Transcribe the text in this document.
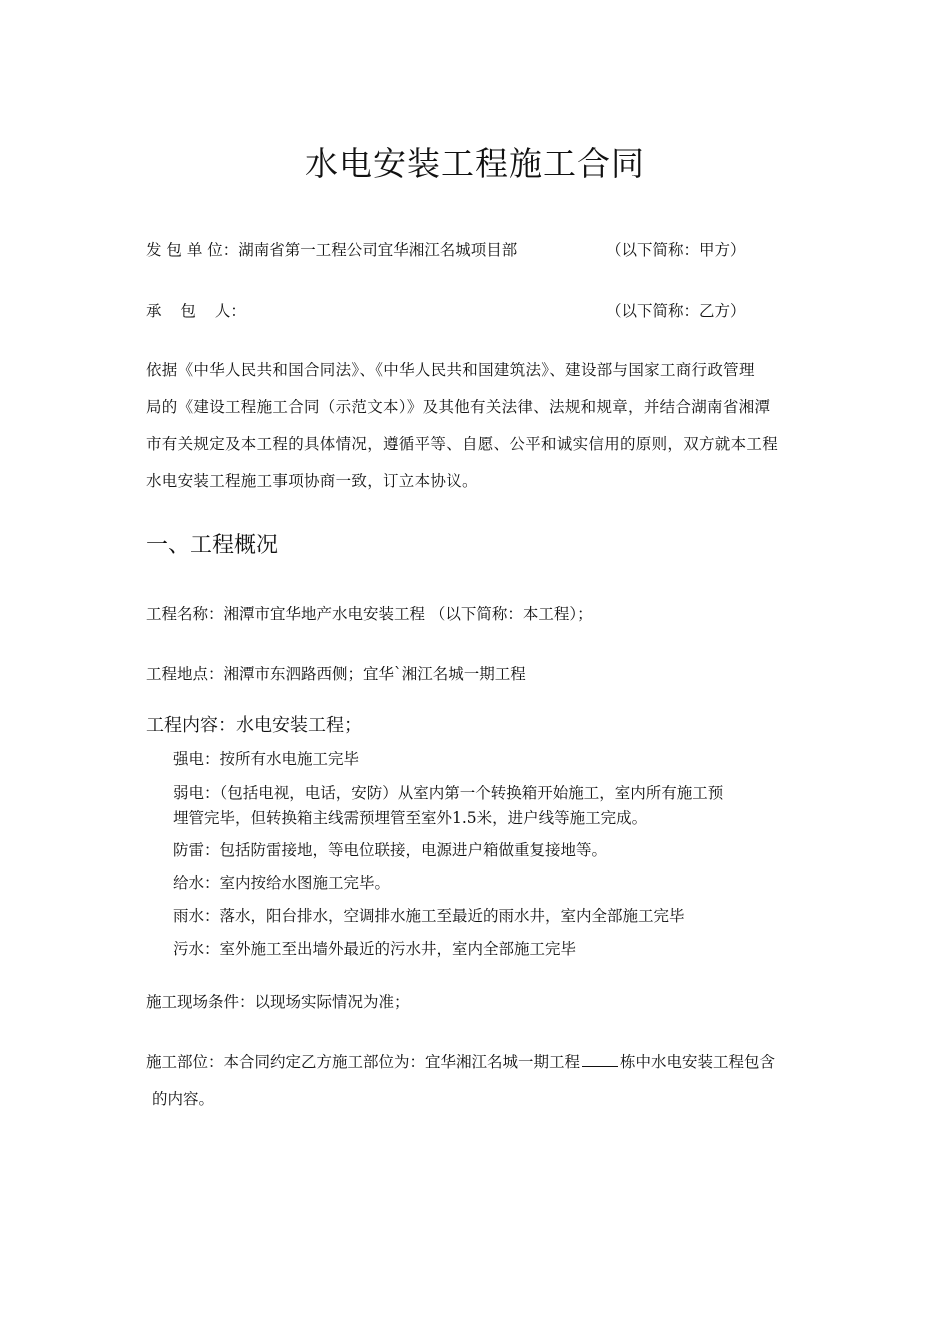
水电安装工程施工合同
发 包 单 位：湖南省第一工程公司宜华湘江名城项目部	（以下简称：甲方）
承 包 人：	（以下简称：乙方）
依据《中华人民共和国合同法》、《中华人民共和国建筑法》、建设部与国家工商行政管理
局的《建设工程施工合同（示范文本）》及其他有关法律、法规和规章，并结合湖南省湘潭
市有关规定及本工程的具体情况，遵循平等、自愿、公平和诚实信用的原则，双方就本工程
水电安装工程施工事项协商一致，订立本协议。
一、工程概况
工程名称：湘潭市宜华地产水电安装工程 （以下简称：本工程）；
工程地点：湘潭市东泗路西侧；宜华`湘江名城一期工程
工程内容：水电安装工程；
强电：按所有水电施工完毕
弱电：（包括电视，电话，安防）从室内第一个转换箱开始施工，室内所有施工预
埋管完毕，但转换箱主线需预埋管至室外1.5米，进户线等施工完成。
防雷：包括防雷接地，等电位联接，电源进户箱做重复接地等。
给水：室内按给水图施工完毕。
雨水：落水，阳台排水，空调排水施工至最近的雨水井，室内全部施工完毕
污水：室外施工至出墙外最近的污水井，室内全部施工完毕
施工现场条件：以现场实际情况为准；
施工部位：本合同约定乙方施工部位为：宜华湘江名城一期工程	栋中水电安装工程包含
的内容。
